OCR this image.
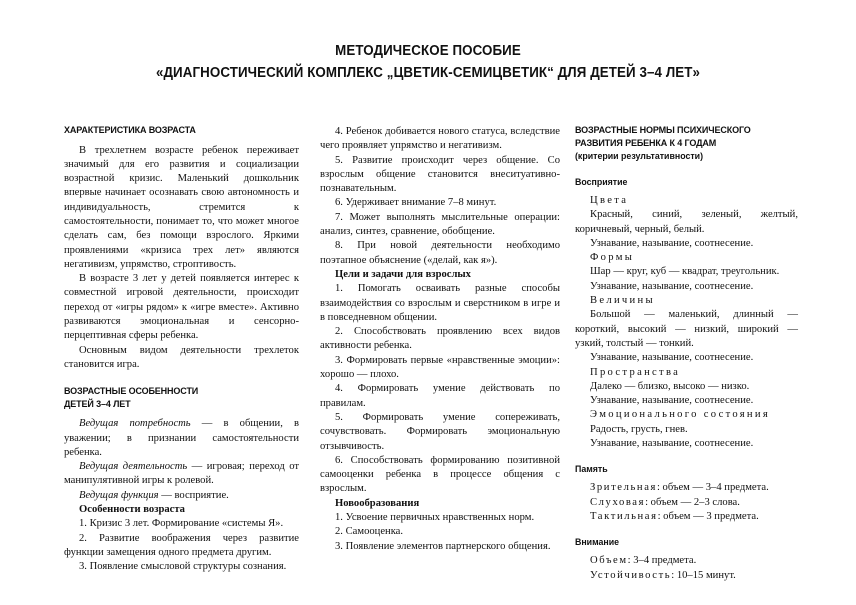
МЕТОДИЧЕСКОЕ ПОСОБИЕ
«ДИАГНОСТИЧЕСКИЙ КОМПЛЕКС „ЦВЕТИК-СЕМИЦВЕТИК“ ДЛЯ ДЕТЕЙ 3–4 ЛЕТ»
ХАРАКТЕРИСТИКА ВОЗРАСТА

В трехлетнем возрасте ребенок переживает значимый для его развития и социализации возрастной кризис. Маленький дошкольник впервые начинает осознавать свою автономность и индивидуальность, стремится к самостоятельности, понимает то, что может многое сделать сам, без помощи взрослого. Яркими проявлениями «кризиса трех лет» являются негативизм, упрямство, строптивость.

В возрасте 3 лет у детей появляется интерес к совместной игровой деятельности, происходит переход от «игры рядом» к «игре вместе». Активно развиваются эмоциональная и сенсорно-перцептивная сферы ребенка.

Основным видом деятельности трехлеток становится игра.

ВОЗРАСТНЫЕ ОСОБЕННОСТИ
ДЕТЕЙ 3–4 ЛЕТ

Ведущая потребность — в общении, в уважении; в признании самостоятельности ребенка.

Ведущая деятельность — игровая; переход от манипулятивной игры к ролевой.

Ведущая функция — восприятие.

Особенности возраста

1. Кризис 3 лет. Формирование «системы Я».

2. Развитие воображения через развитие функции замещения одного предмета другим.

3. Появление смысловой структуры сознания.

4. Ребенок добивается нового статуса, вследствие чего проявляет упрямство и негативизм.

5. Развитие происходит через общение. Со взрослым общение становится внеситуативно-познавательным.

6. Удерживает внимание 7–8 минут.

7. Может выполнять мыслительные операции: анализ, синтез, сравнение, обобщение.

8. При новой деятельности необходимо поэтапное объяснение («делай, как я»).

Цели и задачи для взрослых

1. Помогать осваивать разные способы взаимодействия со взрослым и сверстником в игре и в повседневном общении.

2. Способствовать проявлению всех видов активности ребенка.

3. Формировать первые «нравственные эмоции»: хорошо — плохо.

4. Формировать умение действовать по правилам.

5. Формировать умение сопереживать, сочувствовать. Формировать эмоциональную отзывчивость.

6. Способствовать формированию позитивной самооценки ребенка в процессе общения с взрослым.

Новообразования

1. Усвоение первичных нравственных норм.

2. Самооценка.

3. Появление элементов партнерского общения.

ВОЗРАСТНЫЕ НОРМЫ ПСИХИЧЕСКОГО
РАЗВИТИЯ РЕБЕНКА К 4 ГОДАМ
(критерии результативности)
Восприятие

Цвета

Красный, синий, зеленый, желтый, коричневый, черный, белый.

Узнавание, называние, соотнесение.

Формы

Шар — круг, куб — квадрат, треугольник.

Узнавание, называние, соотнесение.

Величины

Большой — маленький, длинный — короткий, высокий — низкий, широкий — узкий, толстый — тонкий.

Узнавание, называние, соотнесение.

Пространства

Далеко — близко, высоко — низко.

Узнавание, называние, соотнесение.

Эмоционального состояния

Радость, грусть, гнев.

Узнавание, называние, соотнесение.

Память

Зрительная: объем — 3–4 предмета.

Слуховая: объем — 2–3 слова.

Тактильная: объем — 3 предмета.

Внимание

Объем: 3–4 предмета.

Устойчивость: 10–15 минут.
